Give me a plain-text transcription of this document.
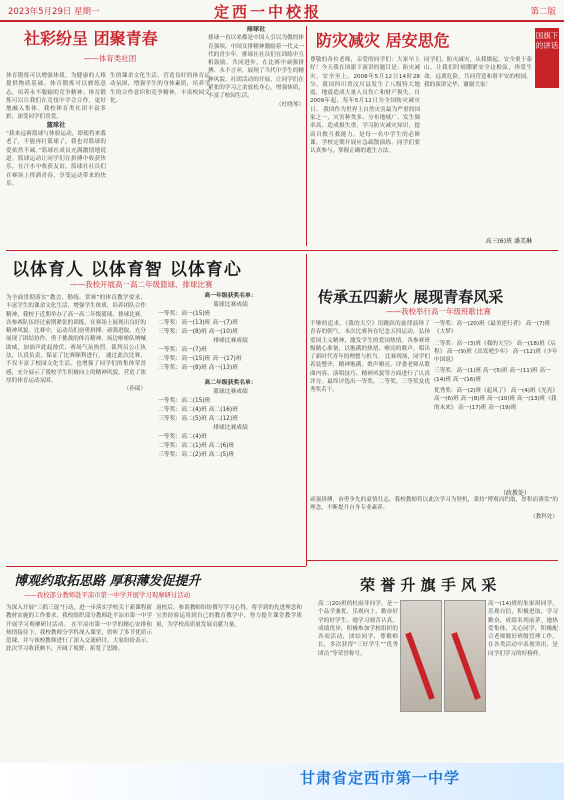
2023年5月29日 星期一	定西一中校报	第二版
社彩纷呈 团聚青春
——体育类社团
体育锻炼可以增强体质，为健康的人格提供物质基础。体育锻炼可以磨练意志，培养永不服输的竞争精神；体育锻炼可以让我们在竞技中学会合作，更好地融入集体。我校体育类社团丰富多彩，深受同学们喜爱。
篮球社
“我来远赛篮球与体验运动，即使将来我老了，不能再打篮球了，我也对篮球的爱依然不减。”篮球社成员充满激情地说道。篮球运动让同学们在拼搏中收获快乐，在汗水中收获友谊，篮球社社员们在赛场上挥洒青春，享受运动带来的快乐。
生的课余文化生活，营造良好的体育运动氛围，增强学生的身体素质，培养学生的合作意识和竞争精神，丰富校园文化。
排球社
排球一直以来都是中国人引以为傲的体育强项。中国女排精神激励着一代又一代的青少年。排球社社员们在训练中互相鼓励，共同进步，在比赛中顽强拼搏、永不言弃，展现了当代中学生的精神风貌。社团活动的开展，让同学们在紧张的学习之余放松身心，增强体质，丰富了校园生活。
（杜晓琴）
防灾减灾 居安思危
尊敬的各位老师，亲爱的同学们：大家早上好！今天我在国旗下演讲的题目是：防灾减灾，安全至上。2008年5月12日14时28分，我国四川省汶川县发生了八级特大地震，地震造成大量人员伤亡和财产损失。自2009年起，每年5月12日为全国防灾减灾日。 我国作为世界上自然灾害最为严重的国家之一，灾害种类多、分布地域广、发生频率高、造成损失重。学习防灾减灾知识，提高自救互救能力，是每一名中学生的必修课。学校定期开展应急疏散演练，同学们要认真参与，掌握正确的逃生方法。
同学们，防灾减灾，从我做起。安全重于泰山，让我们时刻绷紧安全这根弦，珍爱生命，远离危险，共同营造和谐平安的校园。我的演讲完毕，谢谢大家！
高三(6)班 潘美琳
国旗下的讲话
以体育人 以体育智 以体育心
——我校开展高一高二年级篮球、排球比赛
为全面贯彻落实“教会、勤练、常赛”的体育教学要求，丰富学生的课余文化生活，增强学生体质，培养团队合作精神，我校于近期举办了高一高二年级篮球、排球比赛。 各参赛队伍经过前期紧张的训练，在赛场上展现出良好的精神风貌。比赛中，运动员们奋勇拼搏、顽强进取，充分展现了团结协作、勇于挑战的体育精神。场边啦啦队呐喊助威，加油声此起彼伏，赛场气氛热烈。裁判员公正执法，认真负责，保证了比赛顺利进行。 通过此次比赛，不仅丰富了校园文化生活，也增强了同学们的集体荣誉感，充分展示了我校学生积极向上的精神风貌，营造了浓厚的体育运动氛围。
（孙瑞）
高一年级获奖名单：
篮球比赛成绩
一等奖：高一(15)班
二等奖：高一(13)班 高一(7)班
三等奖：高一(8)班 高一(10)班
排球比赛成绩
一等奖：高一(7)班
二等奖：高一(15)班 高一(17)班
三等奖：高一(8)班 高一(13)班
高二年级获奖名单：
篮球比赛成绩
一等奖：高二(15)班
二等奖：高二(4)班 高二(16)班
三等奖：高二(5)班 高二(12)班
排球比赛成绩
一等奖：高二(4)班
二等奖：高二(1)班 高二(6)班
三等奖：高二(2)班 高二(5)班
传承五四薪火 展现青春风采
——我校举行高一年级班歌比赛
不够的追求，《我的天空》用跳跃的旋律演绎了青春的朝气。本次比赛旨在纪念五四运动，弘扬爱国主义精神，激发学生的爱国热情。各参赛班级精心准备，以饱满的热情、嘹亮的歌声，唱出了新时代青年的理想与担当。 比赛现场，同学们着装整齐，精神饱满，歌声嘹亮。评委老师从歌曲内容、演唱技巧、精神风貌等方面进行了认真评分。最终评选出一等奖、二等奖、三等奖及优秀奖若干。
一等奖：高一(20)班《最美逆行者》 高一(7)班《大梦》
二等奖：高一(3)班《我的天空》 高一(18)班《启程》 高一(9)班《出发吧少年》 高一(12)班《少年中国说》
三等奖：高一(1)班 高一(5)班 高一(11)班 高一(14)班 高一(16)班
优秀奖：高一(2)班《起风了》 高一(4)班《光亮》 高一(6)班 高一(8)班 高一(10)班 高一(13)班《我的未来》 高一(17)班 高一(19)班
（政教处）
博观约取拓思路 厚积薄发促提升
——我校部分教师赴平凉市第一中学开展学习观摩研讨活动
为深入开展“三抓三促”行动，进一步落实学校关于新课程新教材实施的工作要求，我校组织部分教师赴平凉市第一中学开展学习观摩研讨活动。 在平凉市第一中学的精心安排和热情接待下，我校教师分学科深入课堂，聆听了多节优质示范课，并与该校教师进行了深入交流研讨。大家纷纷表示，此次学习收获颇丰，开阔了视野，拓宽了思路。
返校后，参训教师纷纷撰写学习心得，将学到的先进理念和宝贵经验运用到自己的教育教学中，努力提升课堂教学质量，为学校高质量发展贡献力量。
顽强拼搏，奋勇争先的豪情壮志，我校教师将以此次学习为契机，秉持“博观而约取，厚积而薄发”的理念，不断提升自身专业素养。
（教科处）
荣 誉 升 旗 手 风 采
高二(20)班的杜雨菲同学，是一个品学兼优、乐观向上、勤奋好学的好学生。她学习刻苦认真，成绩优异，积极参加学校组织的各项活动，团结同学，尊敬师长，多次获得“三好学生”“优秀团员”等荣誉称号。
高一(14)班的朱家琪同学，乐观自信，积极进取，学习勤奋，成绩名列前茅。她热爱集体，关心同学，积极配合老师做好班级管理工作，在各类活动中表现突出，是同学们学习的好榜样。
甘肃省定西市第一中学
